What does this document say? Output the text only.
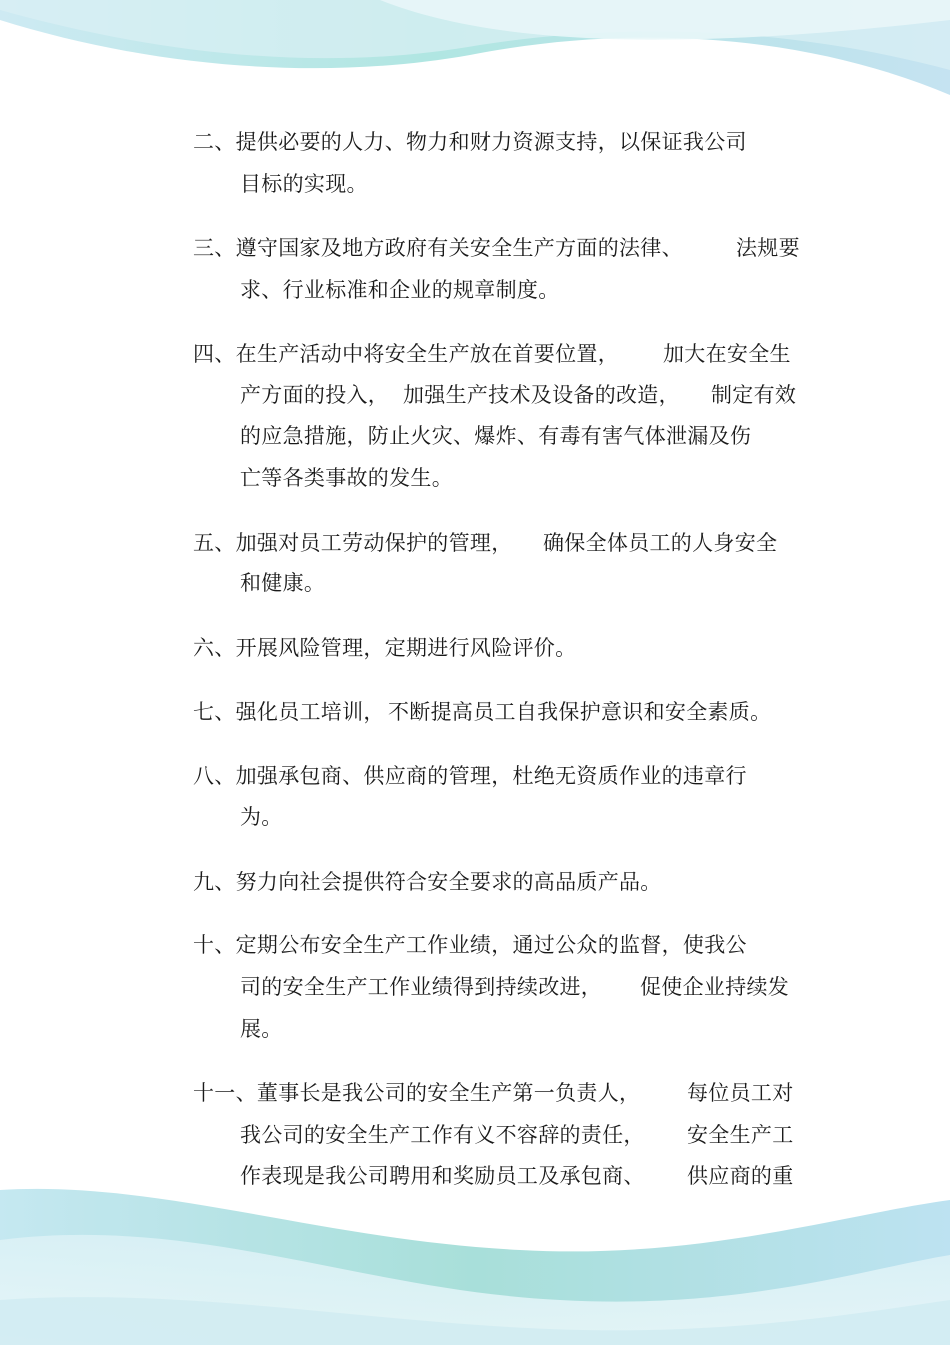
二、提供必要的人力、物力和财力资源支持，以保证我公司
目标的实现。
三、遵守国家及地方政府有关安全生产方面的法律、	法规要
求、行业标准和企业的规章制度。
四、在生产活动中将安全生产放在首要位置， 加大在安全生
产方面的投入， 加强生产技术及设备的改造， 制定有效
的应急措施，防止火灾、爆炸、有毒有害气体泄漏及伤
亡等各类事故的发生。
五、加强对员工劳动保护的管理， 确保全体员工的人身安全
和健康。
六、开展风险管理，定期进行风险评价。
七、强化员工培训， 不断提高员工自我保护意识和安全素质。
八、加强承包商、供应商的管理，杜绝无资质作业的违章行
为。
九、努力向社会提供符合安全要求的高品质产品。
十、定期公布安全生产工作业绩，通过公众的监督，使我公
司的安全生产工作业绩得到持续改进， 促使企业持续发
展。
十一、董事长是我公司的安全生产第一负责人， 每位员工对
我公司的安全生产工作有义不容辞的责任， 安全生产工
作表现是我公司聘用和奖励员工及承包商、 供应商的重
